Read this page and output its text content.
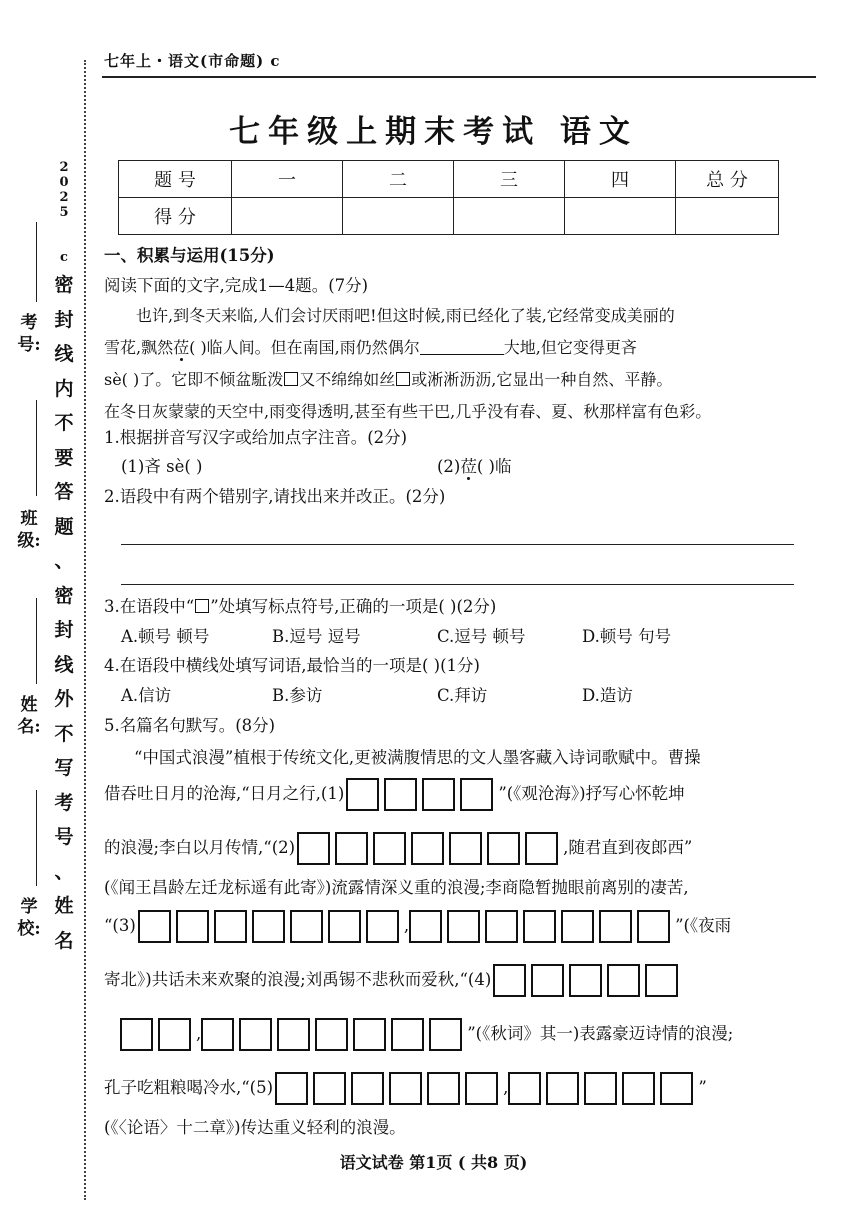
2025
c
密
封
线
内
不
要
答
题
、
密
封
线
外
不
写
考
号
、
姓
名
考号:
班级:
姓名:
学校:
七年上・语文(市命题) c
七年级上期末考试 语文
题 号	一	二	三	四	总 分
得 分					
一、积累与运用(15分)
阅读下面的文字,完成1—4题。(7分)
也许,到冬天来临,人们会讨厌雨吧!但这时候,雨已经化了装,它经常变成美丽的
雪花,飘然莅( )临人间。但在南国,雨仍然偶尔	大地,但它变得更吝
sè( )了。它即不倾盆駈泼 又不绵绵如丝 或淅淅沥沥,它显出一种自然、平静。
在冬日灰蒙蒙的天空中,雨变得透明,甚至有些干巴,几乎没有春、夏、秋那样富有色彩。
1.根据拼音写汉字或给加点字注音。(2分)
(1)吝 sè( )	(2)莅( )临
2.语段中有两个错别字,请找出来并改正。(2分)
3.在语段中“ ”处填写标点符号,正确的一项是( )(2分)
A.顿号 顿号	B.逗号 逗号	C.逗号 顿号	D.顿号 句号
4.在语段中横线处填写词语,最恰当的一项是( )(1分)
A.信访	B.参访	C.拜访	D.造访
5.名篇名句默写。(8分)
“中国式浪漫”植根于传统文化,更被满腹情思的文人墨客藏入诗词歌赋中。曹操
借吞吐日月的沧海,“日月之行,(1)	”(《观沧海》)抒写心怀乾坤
的浪漫;李白以月传情,“(2)	,随君直到夜郎西”
(《闻王昌龄左迁龙标遥有此寄》)流露情深义重的浪漫;李商隐暂抛眼前离别的凄苦,
“(3)	,	”(《夜雨
寄北》)共话未来欢聚的浪漫;刘禹锡不悲秋而爱秋,“(4)
,	”(《秋词》其一)表露豪迈诗情的浪漫;
孔子吃粗粮喝冷水,“(5)	,	”
(《〈论语〉十二章》)传达重义轻利的浪漫。
语文试卷 第1页 ( 共8 页)
